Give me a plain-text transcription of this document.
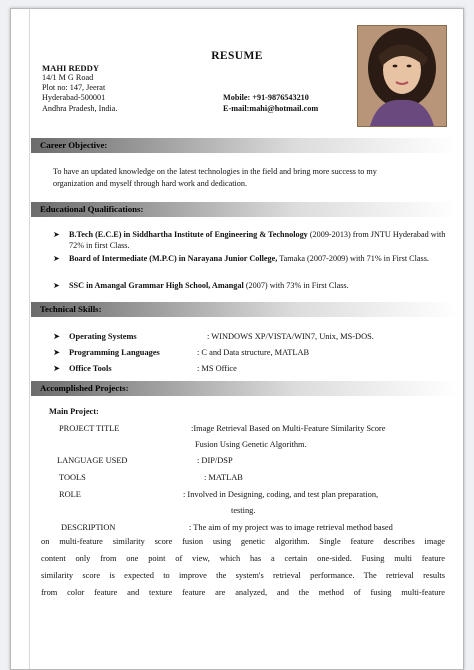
RESUME
MAHI REDDY
14/1 M G Road
Plot no: 147, Jeerat
Hyderabad-500001
Andhra Pradesh, India.
Mobile: +91-9876543210
E-mail:mahi@hotmail.com
Career Objective:
To have an updated knowledge on the latest technologies in the field and bring more success to my
organization and myself through hard work and dedication.
Educational Qualifications:
➤ B.Tech (E.C.E) in Siddhartha Institute of Engineering & Technology (2009-2013) from JNTU Hyderabad with 72% in first Class.
➤ Board of Intermediate (M.P.C) in Narayana Junior College, Tamaka (2007-2009) with 71% in First Class.
➤ SSC in Amangal Grammar High School, Amangal (2007) with 73% in First Class.
Technical Skills:
➤ Operating Systems	: WINDOWS XP/VISTA/WIN7, Unix, MS-DOS.
➤ Programming Languages	: C and Data structure, MATLAB
➤ Office Tools	: MS Office
Accomplished Projects:
Main Project:
PROJECT TITLE	:Image Retrieval Based on Multi-Feature Similarity Score
Fusion Using Genetic Algorithm.
LANGUAGE USED	: DIP/DSP
TOOLS	: MATLAB
ROLE	: Involved in Designing, coding, and test plan preparation,
testing.
DESCRIPTION	: The aim of my project was to image retrieval method based
on multi-feature similarity score fusion using genetic algorithm. Single feature describes image
content only from one point of view, which has a certain one-sided. Fusing multi feature
similarity score is expected to improve the system's retrieval performance. The retrieval results
from color feature and texture feature are analyzed, and the method of fusing multi-feature
